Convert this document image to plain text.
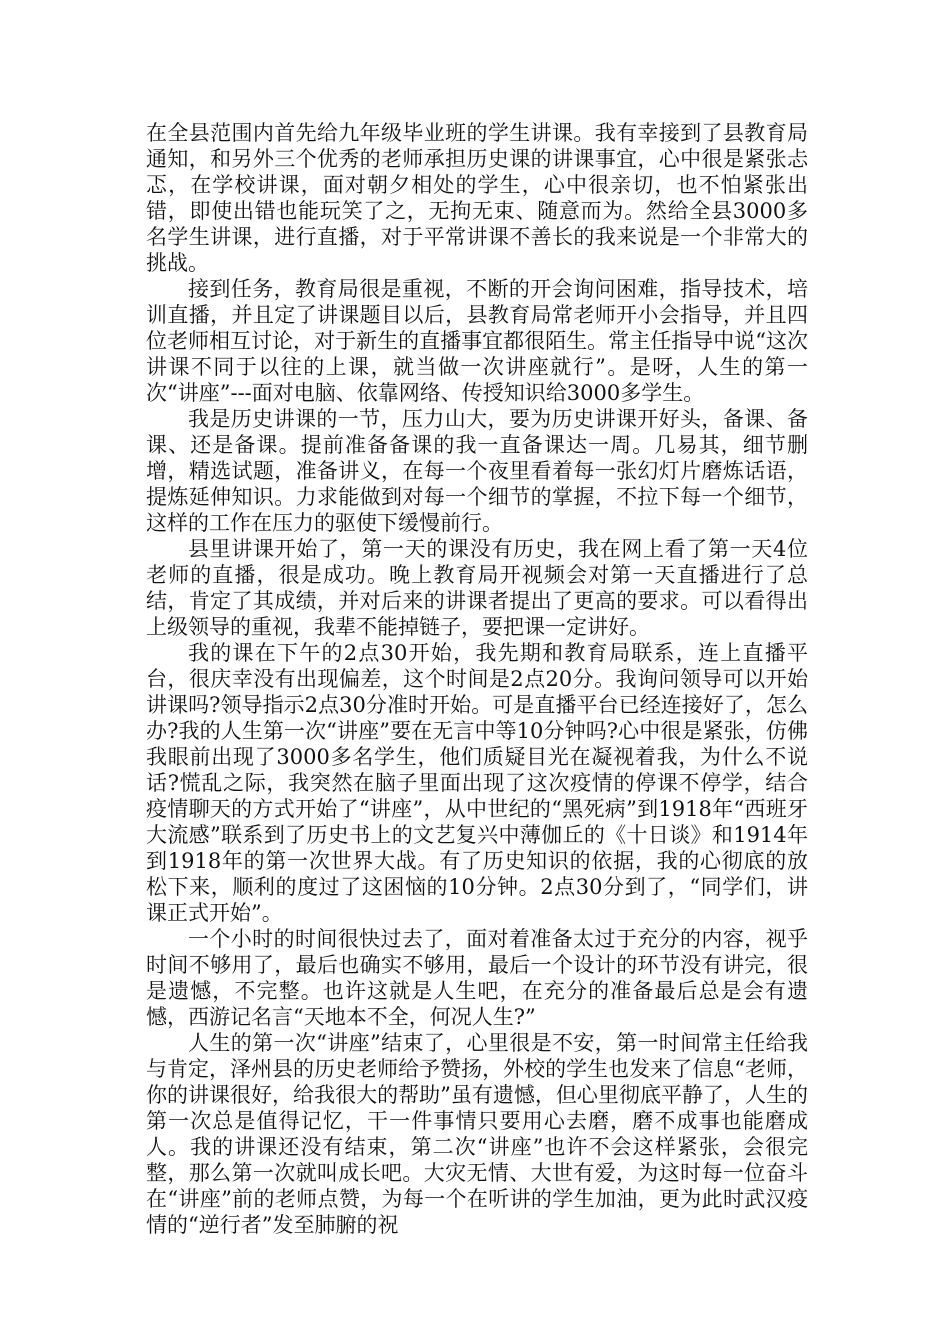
在全县范围内首先给九年级毕业班的学生讲课。我有幸接到了县教育局通知，和另外三个优秀的老师承担历史课的讲课事宜，心中很是紧张忐忑，在学校讲课，面对朝夕相处的学生，心中很亲切，也不怕紧张出错，即使出错也能玩笑了之，无拘无束、随意而为。然给全县3000多名学生讲课，进行直播，对于平常讲课不善长的我来说是一个非常大的挑战。

接到任务，教育局很是重视，不断的开会询问困难，指导技术，培训直播，并且定了讲课题目以后，县教育局常老师开小会指导，并且四位老师相互讨论，对于新生的直播事宜都很陌生。常主任指导中说“这次讲课不同于以往的上课，就当做一次讲座就行”。是呀，人生的第一次“讲座”---面对电脑、依靠网络、传授知识给3000多学生。

我是历史讲课的一节，压力山大，要为历史讲课开好头，备课、备课、还是备课。提前准备备课的我一直备课达一周。几易其，细节删增，精选试题，准备讲义，在每一个夜里看着每一张幻灯片磨炼话语，提炼延伸知识。力求能做到对每一个细节的掌握，不拉下每一个细节，这样的工作在压力的驱使下缓慢前行。

县里讲课开始了，第一天的课没有历史，我在网上看了第一天4位老师的直播，很是成功。晚上教育局开视频会对第一天直播进行了总结，肯定了其成绩，并对后来的讲课者提出了更高的要求。可以看得出上级领导的重视，我辈不能掉链子，要把课一定讲好。

我的课在下午的2点30开始，我先期和教育局联系，连上直播平台，很庆幸没有出现偏差，这个时间是2点20分。我询问领导可以开始讲课吗?领导指示2点30分准时开始。可是直播平台已经连接好了，怎么办?我的人生第一次“讲座”要在无言中等10分钟吗?心中很是紧张，仿佛我眼前出现了3000多名学生，他们质疑目光在凝视着我，为什么不说话?慌乱之际，我突然在脑子里面出现了这次疫情的停课不停学，结合疫情聊天的方式开始了“讲座”，从中世纪的“黑死病”到1918年“西班牙大流感”联系到了历史书上的文艺复兴中薄伽丘的《十日谈》和1914年到1918年的第一次世界大战。有了历史知识的依据，我的心彻底的放松下来，顺利的度过了这困恼的10分钟。2点30分到了，“同学们，讲课正式开始”。

一个小时的时间很快过去了，面对着准备太过于充分的内容，视乎时间不够用了，最后也确实不够用，最后一个设计的环节没有讲完，很是遗憾，不完整。也许这就是人生吧，在充分的准备最后总是会有遗憾，西游记名言“天地本不全，何况人生?”

人生的第一次“讲座”结束了，心里很是不安，第一时间常主任给我与肯定，泽州县的历史老师给予赞扬，外校的学生也发来了信息“老师，你的讲课很好，给我很大的帮助”虽有遗憾，但心里彻底平静了，人生的第一次总是值得记忆，干一件事情只要用心去磨，磨不成事也能磨成人。我的讲课还没有结束，第二次“讲座”也许不会这样紧张，会很完整，那么第一次就叫成长吧。大灾无情、大世有爱，为这时每一位奋斗在“讲座”前的老师点赞，为每一个在听讲的学生加油，更为此时武汉疫情的“逆行者”发至肺腑的祝
